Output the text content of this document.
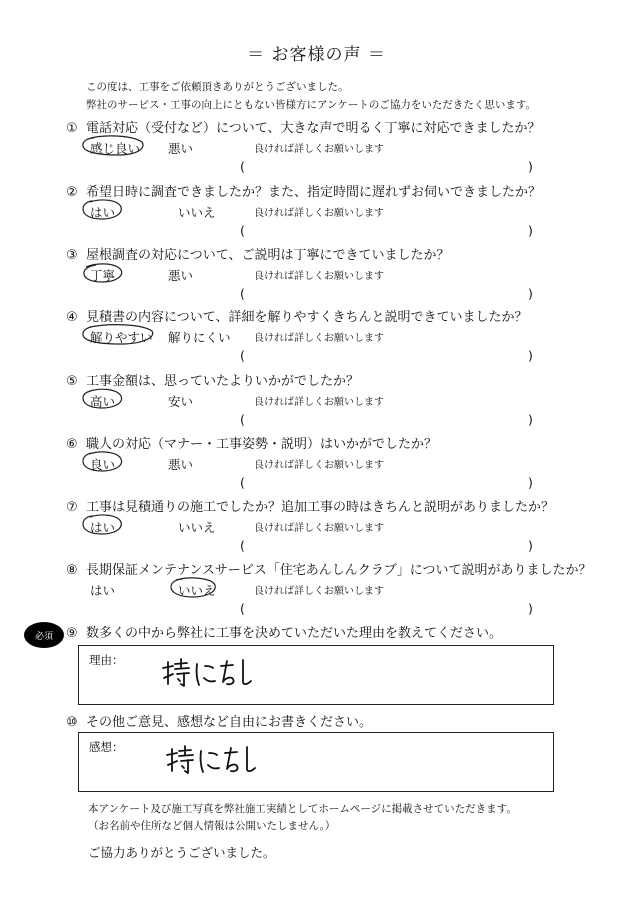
＝ お客様の声 ＝
この度は、工事をご依頼頂きありがとうございました。
弊社のサービス・工事の向上にともない皆様方にアンケートのご協力をいただきたく思います。
① 電話対応（受付など）について、大きな声で明るく丁寧に対応できましたか？
感じ良い 悪い	良ければ詳しくお願いします
(	)
② 希望日時に調査できましたか？また、指定時間に遅れずお伺いできましたか？
はい	いいえ	良ければ詳しくお願いします
(	)
③ 屋根調査の対応について、ご説明は丁寧にできていましたか？
丁寧	悪い	良ければ詳しくお願いします
(	)
④ 見積書の内容について、詳細を解りやすくきちんと説明できていましたか？
解りやすい 解りにくい 良ければ詳しくお願いします
(	)
⑤ 工事金額は、思っていたよりいかがでしたか？
高い	安い	良ければ詳しくお願いします
(	)
⑥ 職人の対応（マナー・工事姿勢・説明）はいかがでしたか？
良い	悪い	良ければ詳しくお願いします
(	)
⑦ 工事は見積通りの施工でしたか？追加工事の時はきちんと説明がありましたか？
はい	いいえ	良ければ詳しくお願いします
(	)
⑧ 長期保証メンテナンスサービス「住宅あんしんクラブ」について説明がありましたか？
はい	いいえ	良ければ詳しくお願いします
(	)
必須	⑨ 数多くの中から弊社に工事を決めていただいた理由を教えてください。
理由：
⑩ その他ご意見、感想など自由にお書きください。
感想：
本アンケート及び施工写真を弊社施工実績としてホームページに掲載させていただきます。
（お名前や住所など個人情報は公開いたしません。）
ご協力ありがとうございました。
